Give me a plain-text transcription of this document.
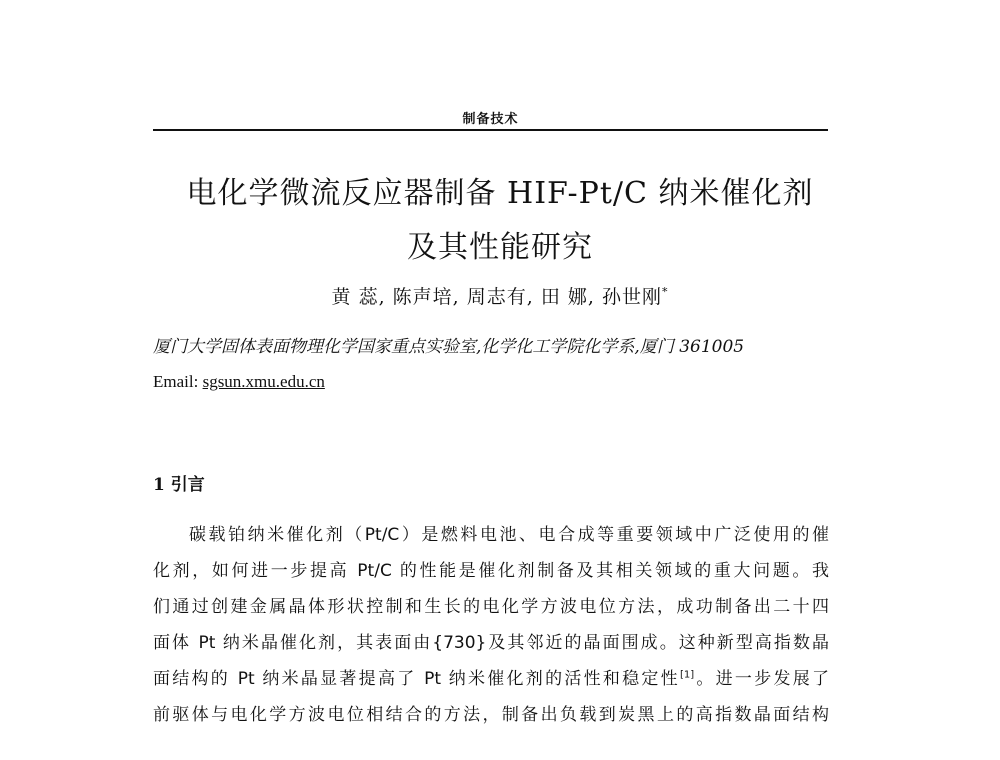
制备技术
电化学微流反应器制备 HIF-Pt/C 纳米催化剂
及其性能研究
黄 蕊, 陈声培, 周志有, 田 娜, 孙世刚*
厦门大学固体表面物理化学国家重点实验室,化学化工学院化学系,厦门 361005
Email: sgsun.xmu.edu.cn
1 引言
碳载铂纳米催化剂（Pt/C）是燃料电池、电合成等重要领域中广泛使用的催
化剂，如何进一步提高 Pt/C 的性能是催化剂制备及其相关领域的重大问题。我
们通过创建金属晶体形状控制和生长的电化学方波电位方法，成功制备出二十四
面体 Pt 纳米晶催化剂，其表面由{730}及其邻近的晶面围成。这种新型高指数晶
面结构的 Pt 纳米晶显著提高了 Pt 纳米催化剂的活性和稳定性[1]。进一步发展了
前驱体与电化学方波电位相结合的方法，制备出负载到炭黑上的高指数晶面结构
